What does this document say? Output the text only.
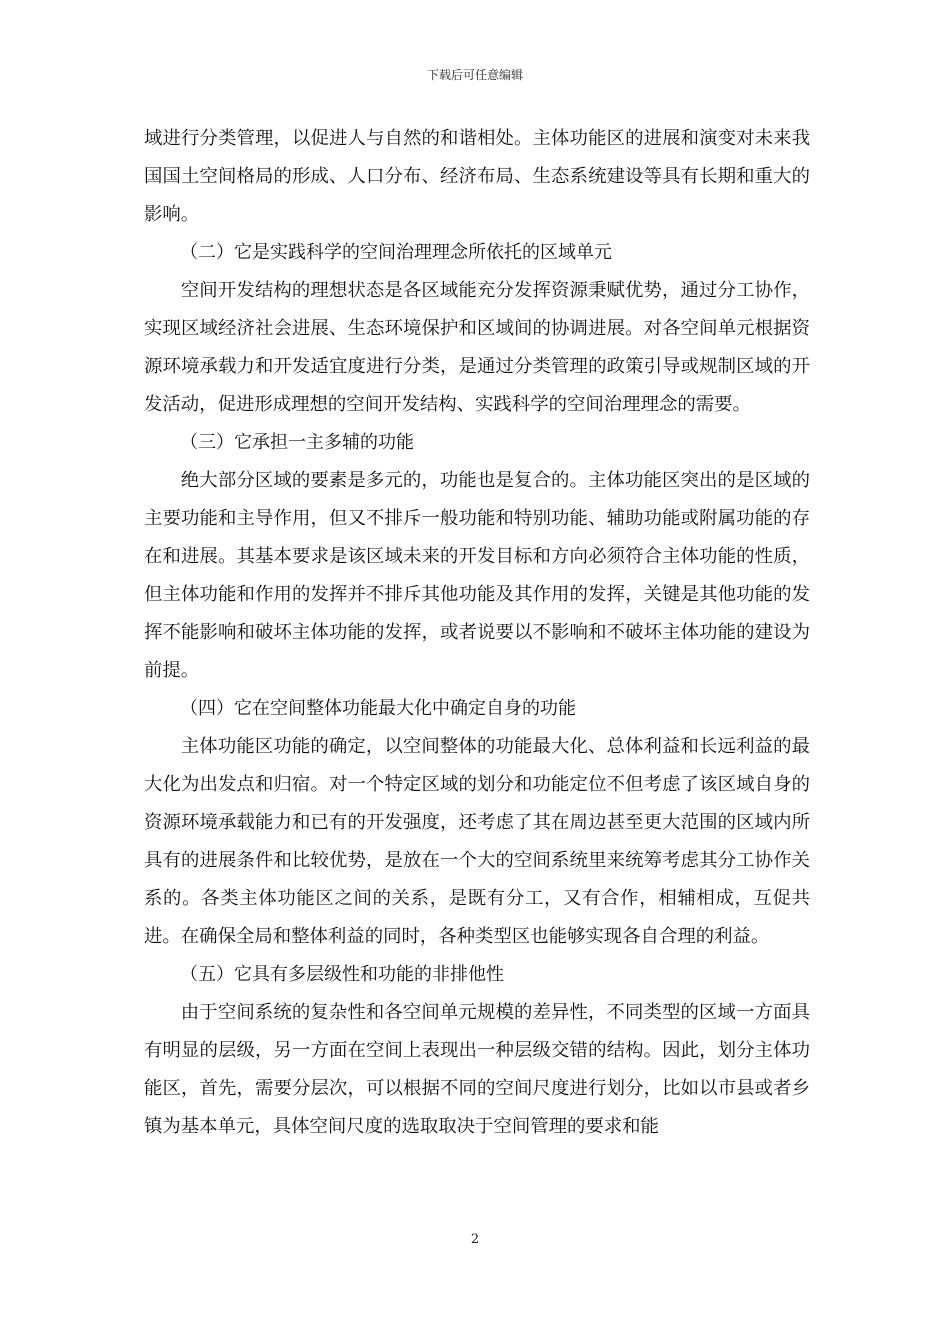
下载后可任意编辑

域进行分类管理，以促进人与自然的和谐相处。主体功能区的进展和演变对未来我国国土空间格局的形成、人口分布、经济布局、生态系统建设等具有长期和重大的影响。

（二）它是实践科学的空间治理理念所依托的区域单元

空间开发结构的理想状态是各区域能充分发挥资源秉赋优势，通过分工协作，实现区域经济社会进展、生态环境保护和区域间的协调进展。对各空间单元根据资源环境承载力和开发适宜度进行分类，是通过分类管理的政策引导或规制区域的开发活动，促进形成理想的空间开发结构、实践科学的空间治理理念的需要。

（三）它承担一主多辅的功能

绝大部分区域的要素是多元的，功能也是复合的。主体功能区突出的是区域的主要功能和主导作用，但又不排斥一般功能和特别功能、辅助功能或附属功能的存在和进展。其基本要求是该区域未来的开发目标和方向必须符合主体功能的性质，但主体功能和作用的发挥并不排斥其他功能及其作用的发挥，关键是其他功能的发挥不能影响和破坏主体功能的发挥，或者说要以不影响和不破坏主体功能的建设为前提。

（四）它在空间整体功能最大化中确定自身的功能

主体功能区功能的确定，以空间整体的功能最大化、总体利益和长远利益的最大化为出发点和归宿。对一个特定区域的划分和功能定位不但考虑了该区域自身的资源环境承载能力和已有的开发强度，还考虑了其在周边甚至更大范围的区域内所具有的进展条件和比较优势，是放在一个大的空间系统里来统筹考虑其分工协作关系的。各类主体功能区之间的关系，是既有分工，又有合作，相辅相成，互促共进。在确保全局和整体利益的同时，各种类型区也能够实现各自合理的利益。

（五）它具有多层级性和功能的非排他性

由于空间系统的复杂性和各空间单元规模的差异性，不同类型的区域一方面具有明显的层级，另一方面在空间上表现出一种层级交错的结构。因此，划分主体功能区，首先，需要分层次，可以根据不同的空间尺度进行划分，比如以市县或者乡镇为基本单元，具体空间尺度的选取取决于空间管理的要求和能

2
